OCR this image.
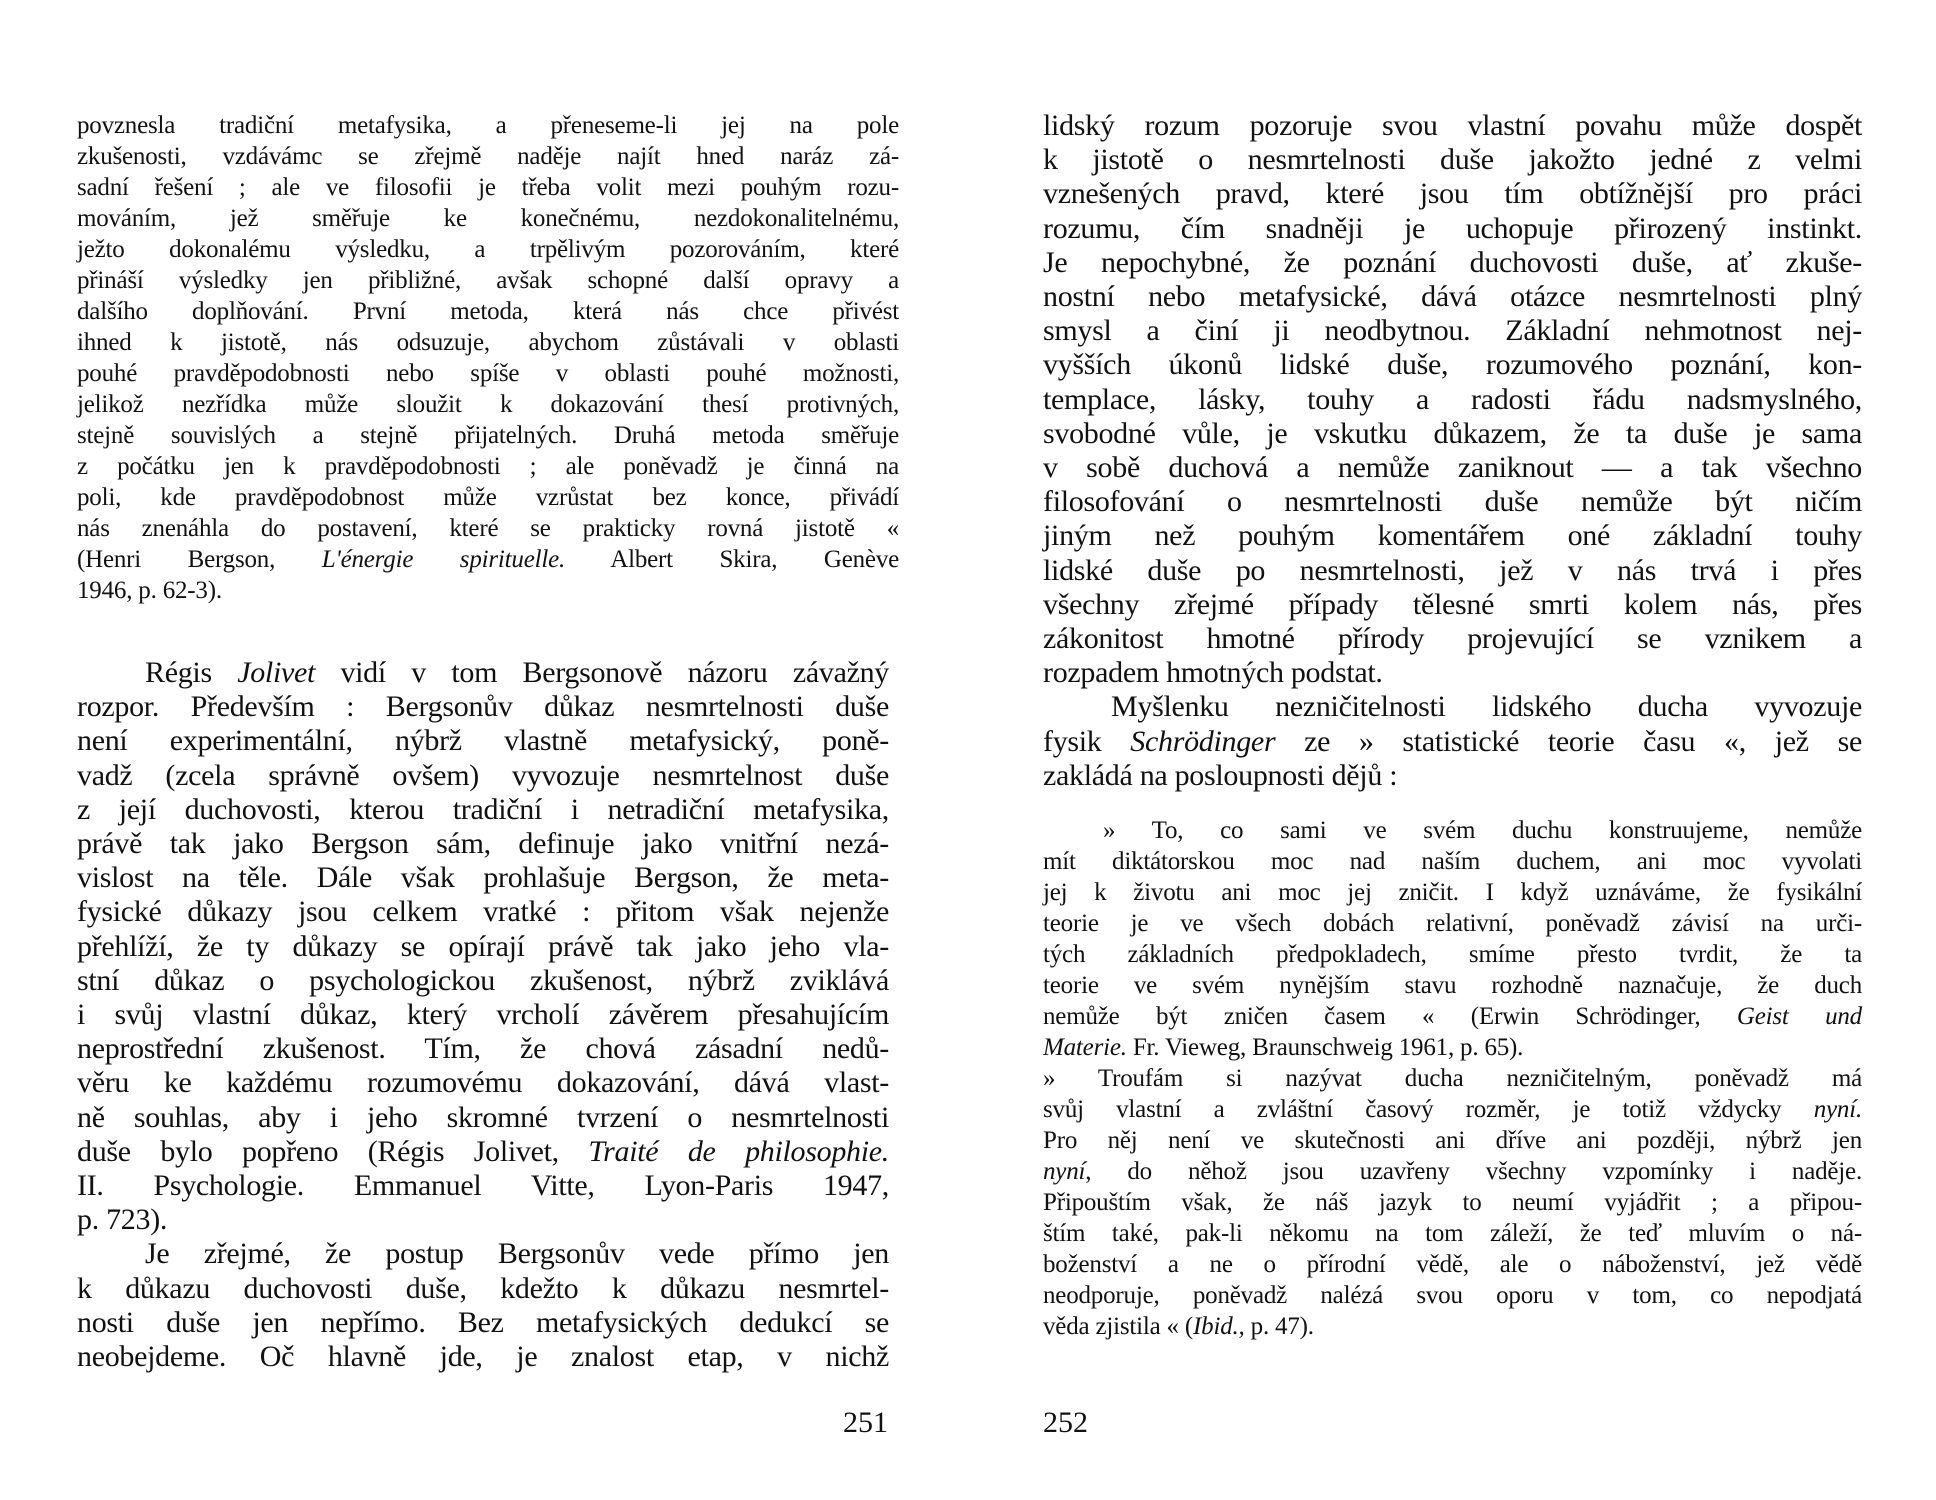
povznesla tradiční metafysika, a přeneseme-li jej na pole
zkušenosti, vzdávámc se zřejmě naděje najít hned naráz zá-
sadní řešení ; ale ve filosofii je třeba volit mezi pouhým rozu-
mováním, jež směřuje ke konečnému, nezdokonalitelnému,
ježto dokonalému výsledku, a trpělivým pozorováním, které
přináší výsledky jen přibližné, avšak schopné další opravy a
dalšího doplňování. První metoda, která nás chce přivést
ihned k jistotě, nás odsuzuje, abychom zůstávali v oblasti
pouhé pravděpodobnosti nebo spíše v oblasti pouhé možnosti,
jelikož nezřídka může sloužit k dokazování thesí protivných,
stejně souvislých a stejně přijatelných. Druhá metoda směřuje
z počátku jen k pravděpodobnosti ; ale poněvadž je činná na
poli, kde pravděpodobnost může vzrůstat bez konce, přivádí
nás znenáhla do postavení, které se prakticky rovná jistotě «
(Henri Bergson, L'énergie spirituelle. Albert Skira, Genève
1946, p. 62-3).
Régis Jolivet vidí v tom Bergsonově názoru závažný
rozpor. Především : Bergsonův důkaz nesmrtelnosti duše
není experimentální, nýbrž vlastně metafysický, poně-
vadž (zcela správně ovšem) vyvozuje nesmrtelnost duše
z její duchovosti, kterou tradiční i netradiční metafysika,
právě tak jako Bergson sám, definuje jako vnitřní nezá-
vislost na těle. Dále však prohlašuje Bergson, že meta-
fysické důkazy jsou celkem vratké : přitom však nejenže
přehlíží, že ty důkazy se opírají právě tak jako jeho vla-
stní důkaz o psychologickou zkušenost, nýbrž zviklává
i svůj vlastní důkaz, který vrcholí závěrem přesahujícím
neprostřední zkušenost. Tím, že chová zásadní nedů-
věru ke každému rozumovému dokazování, dává vlast-
ně souhlas, aby i jeho skromné tvrzení o nesmrtelnosti
duše bylo popřeno (Régis Jolivet, Traité de philosophie.
II. Psychologie. Emmanuel Vitte, Lyon-Paris 1947,
p. 723).
Je zřejmé, že postup Bergsonův vede přímo jen
k důkazu duchovosti duše, kdežto k důkazu nesmrtel-
nosti duše jen nepřímo. Bez metafysických dedukcí se
neobejdeme. Oč hlavně jde, je znalost etap, v nichž
251
lidský rozum pozoruje svou vlastní povahu může dospět
k jistotě o nesmrtelnosti duše jakožto jedné z velmi
vznešených pravd, které jsou tím obtížnější pro práci
rozumu, čím snadněji je uchopuje přirozený instinkt.
Je nepochybné, že poznání duchovosti duše, ať zkuše-
nostní nebo metafysické, dává otázce nesmrtelnosti plný
smysl a činí ji neodbytnou. Základní nehmotnost nej-
vyšších úkonů lidské duše, rozumového poznání, kon-
templace, lásky, touhy a radosti řádu nadsmyslného,
svobodné vůle, je vskutku důkazem, že ta duše je sama
v sobě duchová a nemůže zaniknout — a tak všechno
filosofování o nesmrtelnosti duše nemůže být ničím
jiným než pouhým komentářem oné základní touhy
lidské duše po nesmrtelnosti, jež v nás trvá i přes
všechny zřejmé případy tělesné smrti kolem nás, přes
zákonitost hmotné přírody projevující se vznikem a
rozpadem hmotných podstat.
Myšlenku nezničitelnosti lidského ducha vyvozuje
fysik Schrödinger ze » statistické teorie času «, jež se
zakládá na posloupnosti dějů :
» To, co sami ve svém duchu konstruujeme, nemůže
mít diktátorskou moc nad naším duchem, ani moc vyvolati
jej k životu ani moc jej zničit. I když uznáváme, že fysikální
teorie je ve všech dobách relativní, poněvadž závisí na urči-
tých základních předpokladech, smíme přesto tvrdit, že ta
teorie ve svém nynějším stavu rozhodně naznačuje, že duch
nemůže být zničen časem « (Erwin Schrödinger, Geist und
Materie. Fr. Vieweg, Braunschweig 1961, p. 65).
» Troufám si nazývat ducha nezničitelným, poněvadž má
svůj vlastní a zvláštní časový rozměr, je totiž vždycky nyní.
Pro něj není ve skutečnosti ani dříve ani později, nýbrž jen
nyní, do něhož jsou uzavřeny všechny vzpomínky i naděje.
Připouštím však, že náš jazyk to neumí vyjádřit ; a připou-
štím také, pak-li někomu na tom záleží, že teď mluvím o ná-
boženství a ne o přírodní vědě, ale o náboženství, jež vědě
neodporuje, poněvadž nalézá svou oporu v tom, co nepodjatá
věda zjistila « (Ibid., p. 47).
252
